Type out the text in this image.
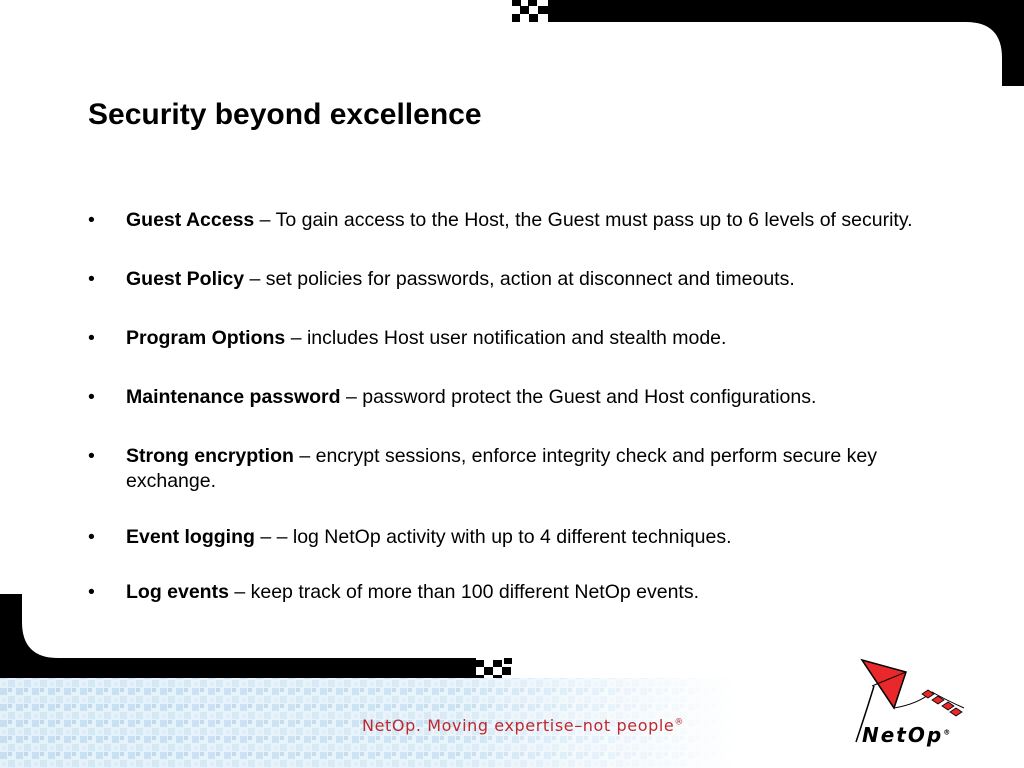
Security beyond excellence
• Guest Access – To gain access to the Host, the Guest must pass up to 6 levels of security.
• Guest Policy – set policies for passwords, action at disconnect and timeouts.
• Program Options – includes Host user notification and stealth mode.
• Maintenance password – password protect the Guest and Host configurations.
• Strong encryption – encrypt sessions, enforce integrity check and perform secure key exchange.
• Event logging – – log NetOp activity with up to 4 different techniques.
• Log events – keep track of more than 100 different NetOp events.
NetOp. Moving expertise–not people®
NetOp®
